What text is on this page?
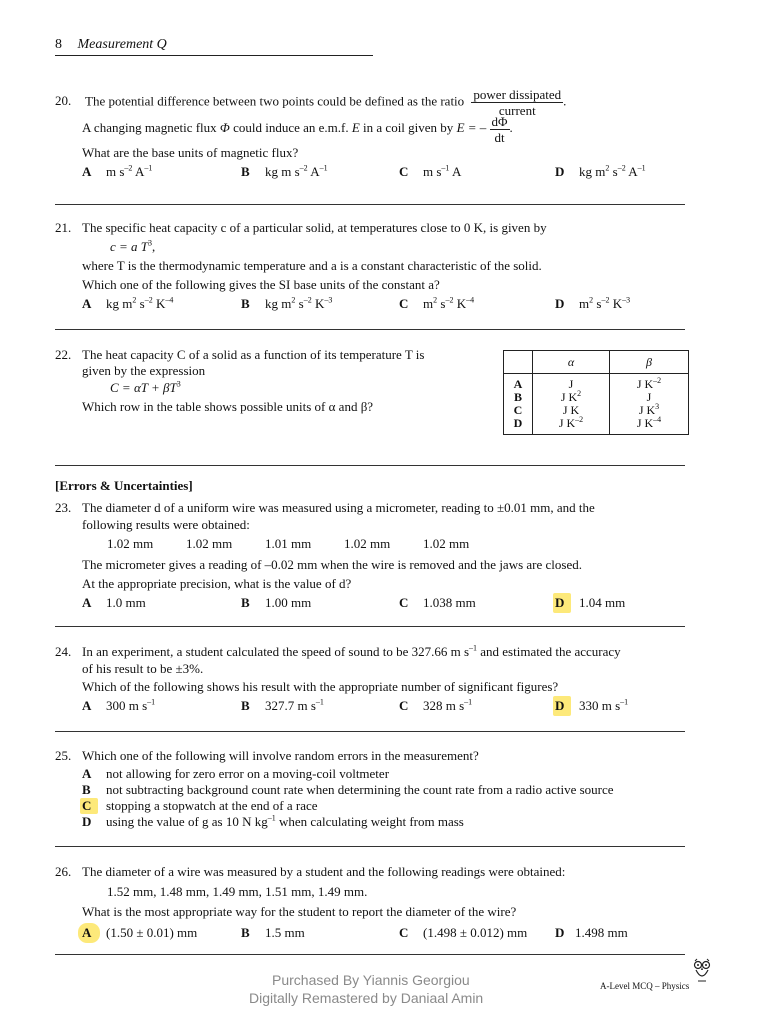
8 Measurement Q
20. The potential difference between two points could be defined as the ratio $\frac{\text{power dissipated}}{\text{current}}$ .
A changing magnetic flux Φ could induce an e.m.f. E in a coil given by E = – $\frac{d\Phi}{dt}$ .
What are the base units of magnetic flux?
A m $s^{-2}$ $A^{-1}$	B kg m $s^{-2}$ $A^{-1}$	C m $s^{-1}$ A	D kg $m^2$ $s^{-2}$ $A^{-1}$
21. The specific heat capacity c of a particular solid, at temperatures close to 0 K, is given by
c = a $T^3$,
where T is the thermodynamic temperature and a is a constant characteristic of the solid.
Which one of the following gives the SI base units of the constant a?
A kg $m^2$ $s^{-2}$ $K^{-4}$	B kg $m^2$ $s^{-2}$ $K^{-3}$	C $m^2$ $s^{-2}$ $K^{-4}$	D $m^2$ $s^{-2}$ $K^{-3}$
22. The heat capacity C of a solid as a function of its temperature T is
given by the expression
$C = \alpha T + \beta T^3$
Which row in the table shows possible units of α and β?
	α	β
A	J	J $K^{-2}$
B	J $K^2$	J
C	J K	J $K^3$
D	J $K^{-2}$	J $K^{-4}$
[Errors & Uncertainties]
23. The diameter d of a uniform wire was measured using a micrometer, reading to ±0.01 mm, and the
following results were obtained:
1.02 mm	1.02 mm	1.01 mm	1.02 mm	1.02 mm
The micrometer gives a reading of –0.02 mm when the wire is removed and the jaws are closed.
At the appropriate precision, what is the value of d?
A 1.0 mm	B 1.00 mm	C 1.038 mm	D 1.04 mm
24. In an experiment, a student calculated the speed of sound to be 327.66 m $s^{-1}$ and estimated the accuracy
of his result to be ±3%.
Which of the following shows his result with the appropriate number of significant figures?
A 300 m $s^{-1}$	B 327.7 m $s^{-1}$	C 328 m $s^{-1}$	D 330 m $s^{-1}$
25. Which one of the following will involve random errors in the measurement?
A not allowing for zero error on a moving-coil voltmeter
B not subtracting background count rate when determining the count rate from a radio active source
C stopping a stopwatch at the end of a race
D using the value of g as 10 N $kg^{-1}$ when calculating weight from mass
26. The diameter of a wire was measured by a student and the following readings were obtained:
1.52 mm, 1.48 mm, 1.49 mm, 1.51 mm, 1.49 mm.
What is the most appropriate way for the student to report the diameter of the wire?
A (1.50 ± 0.01) mm	B 1.5 mm	C (1.498 ± 0.012) mm D 1.498 mm
Purchased By Yiannis Georgiou
Digitally Remastered by Daniaal Amin
A-Level MCQ – Physics
